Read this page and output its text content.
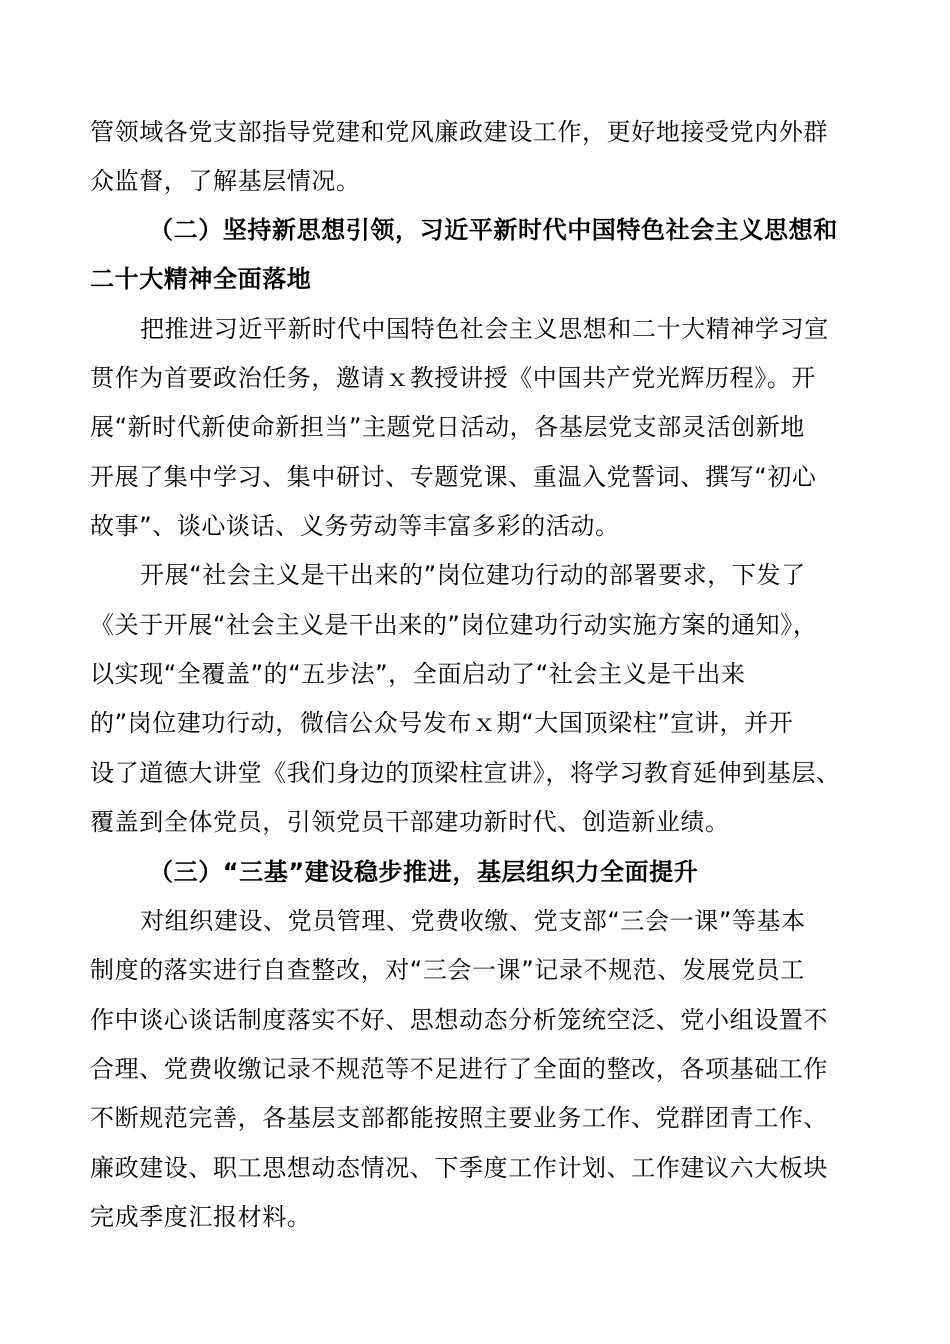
管领域各党支部指导党建和党风廉政建设工作，更好地接受党内外群
众监督，了解基层情况。
（二）坚持新思想引领，习近平新时代中国特色社会主义思想和
二十大精神全面落地
把推进习近平新时代中国特色社会主义思想和二十大精神学习宣
贯作为首要政治任务，邀请ｘ教授讲授《中国共产党光辉历程》。开
展“新时代新使命新担当”主题党日活动，各基层党支部灵活创新地
开展了集中学习、集中研讨、专题党课、重温入党誓词、撰写“初心
故事”、谈心谈话、义务劳动等丰富多彩的活动。
开展“社会主义是干出来的”岗位建功行动的部署要求，下发了
《关于开展“社会主义是干出来的”岗位建功行动实施方案的通知》，
以实现“全覆盖”的“五步法”，全面启动了“社会主义是干出来
的”岗位建功行动，微信公众号发布ｘ期“大国顶梁柱”宣讲，并开
设了道德大讲堂《我们身边的顶梁柱宣讲》，将学习教育延伸到基层、
覆盖到全体党员，引领党员干部建功新时代、创造新业绩。
（三）“三基”建设稳步推进，基层组织力全面提升
对组织建设、党员管理、党费收缴、党支部“三会一课”等基本
制度的落实进行自查整改，对“三会一课”记录不规范、发展党员工
作中谈心谈话制度落实不好、思想动态分析笼统空泛、党小组设置不
合理、党费收缴记录不规范等不足进行了全面的整改，各项基础工作
不断规范完善，各基层支部都能按照主要业务工作、党群团青工作、
廉政建设、职工思想动态情况、下季度工作计划、工作建议六大板块
完成季度汇报材料。
